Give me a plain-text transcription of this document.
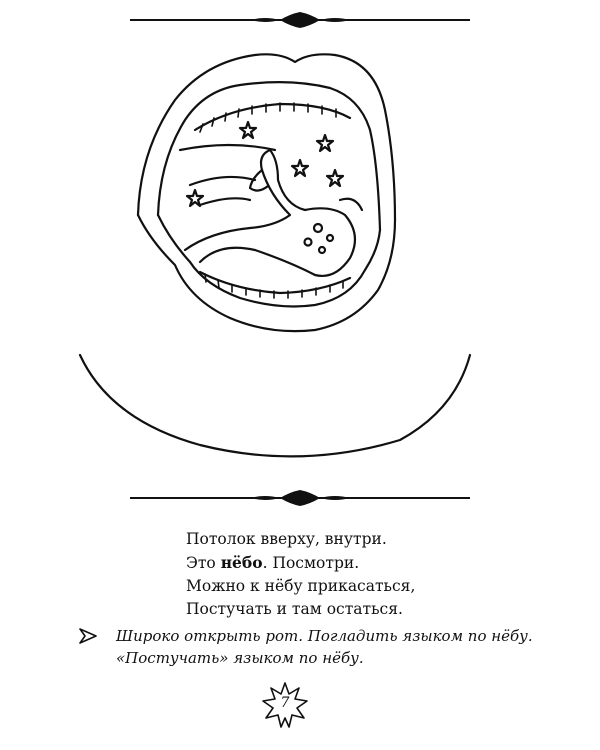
Потолок вверху, внутри.
Это нёбо. Посмотри.
Можно к нёбу прикасаться,
Постучать и там остаться.
Широко открыть рот. Погладить языком по нёбу. «Постучать» языком по нёбу.
7
